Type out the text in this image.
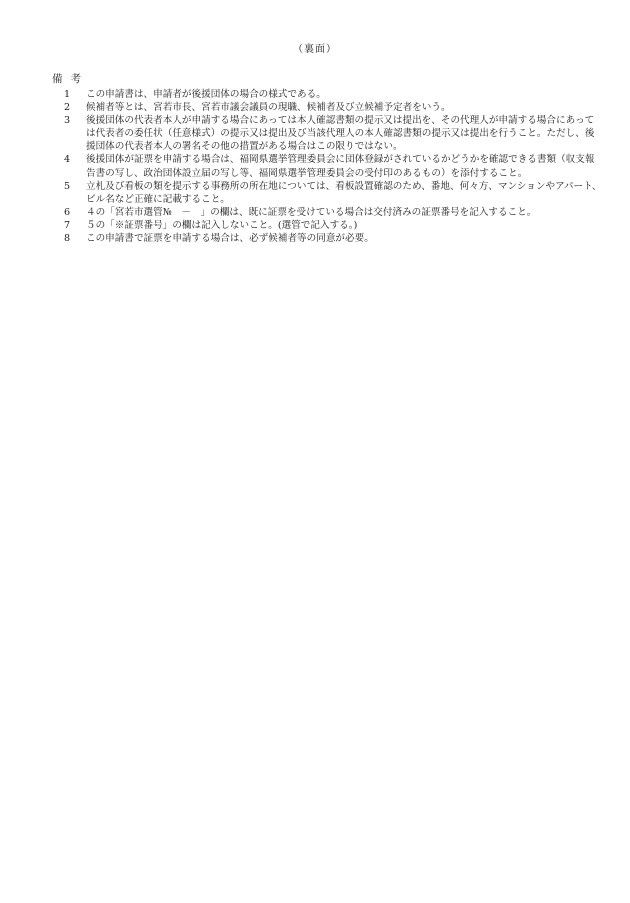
（裏面）
備考
1	この申請書は、申請者が後援団体の場合の様式である。
2	候補者等とは、宮若市長、宮若市議会議員の現職、候補者及び立候補予定者をいう。
3	後援団体の代表者本人が申請する場合にあっては本人確認書類の提示又は提出を、その代理人が申請する場合にあっては代表者の委任状（任意様式）の提示又は提出及び当該代理人の本人確認書類の提示又は提出を行うこと。ただし、後援団体の代表者本人の署名その他の措置がある場合はこの限りではない。
4	後援団体が証票を申請する場合は、福岡県選挙管理委員会に団体登録がされているかどうかを確認できる書類（収支報告書の写し、政治団体設立届の写し等、福岡県選挙管理委員会の受付印のあるもの）を添付すること。
5	立札及び看板の類を提示する事務所の所在地については、看板設置確認のため、番地、何々方、マンションやアパート、ビル名など正確に記載すること。
6	４の「宮若市選管№　－　」の欄は、既に証票を受けている場合は交付済みの証票番号を記入すること。
7	５の「※証票番号」の欄は記入しないこと。(選管で記入する。)
8	この申請書で証票を申請する場合は、必ず候補者等の同意が必要。
